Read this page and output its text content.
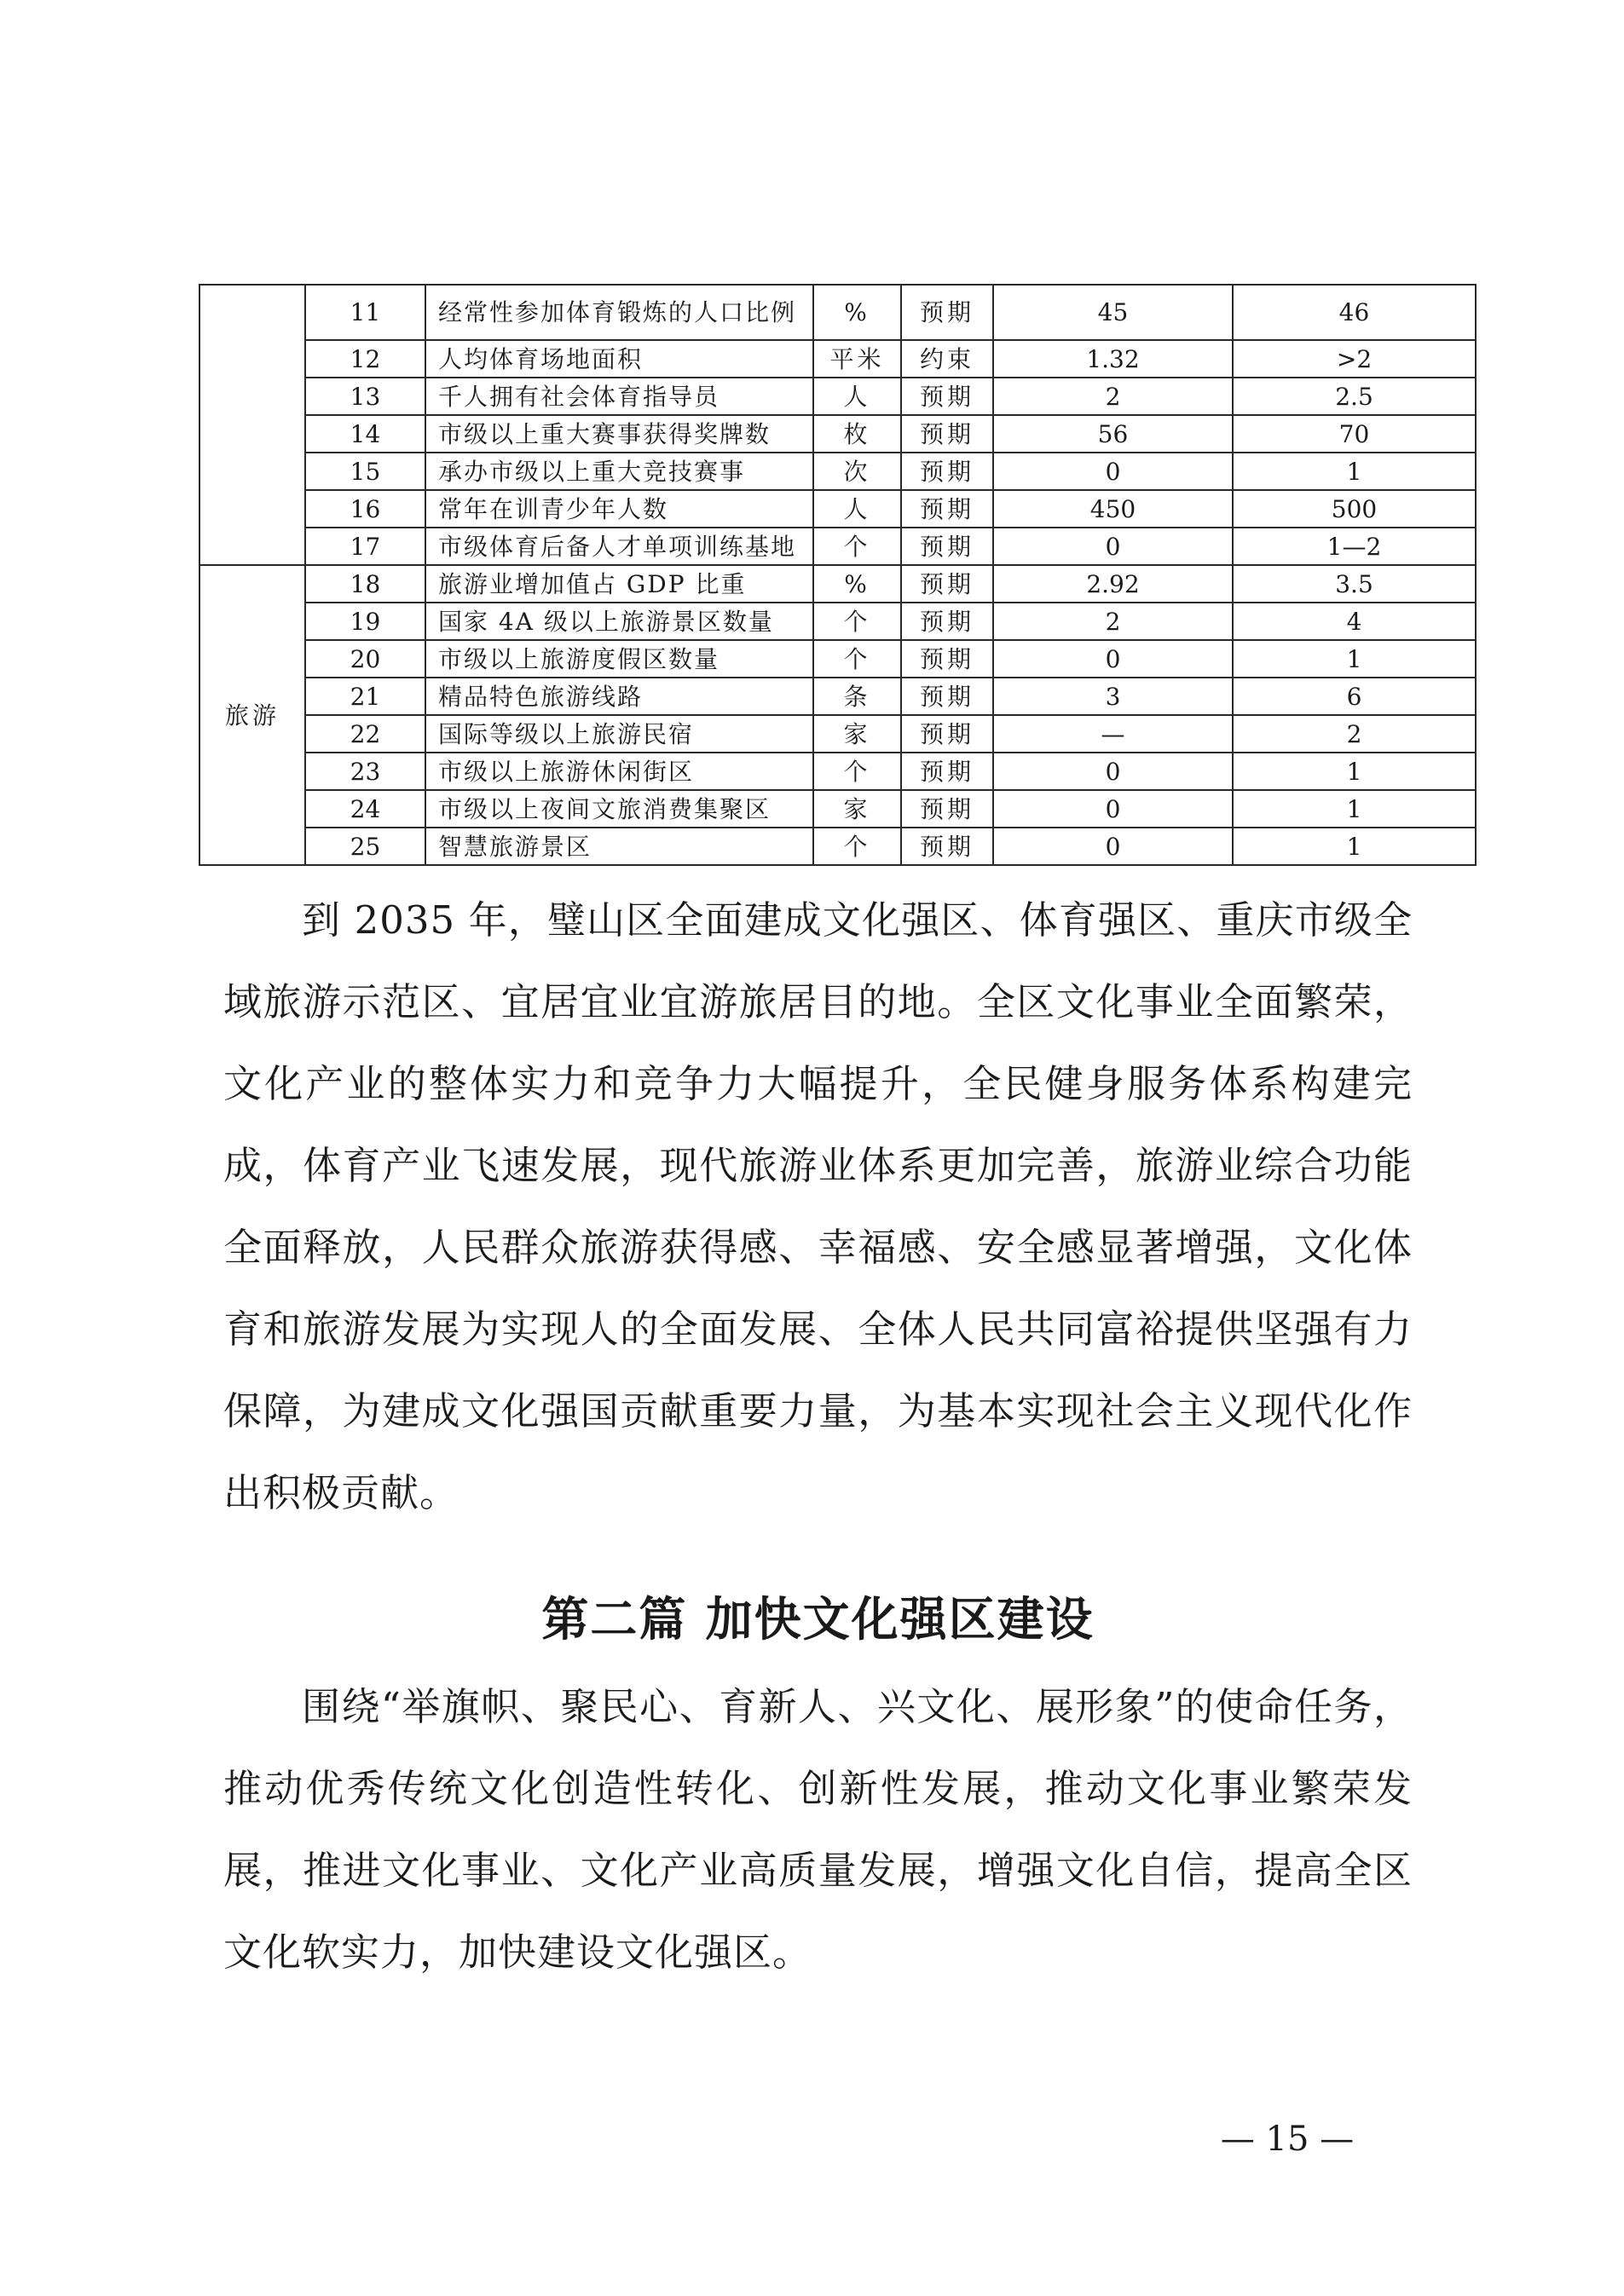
	11	经常性参加体育锻炼的人口比例	%	预期	45	46
	12	人均体育场地面积	平米	约束	1.32	>2
	13	千人拥有社会体育指导员	人	预期	2	2.5
	14	市级以上重大赛事获得奖牌数	枚	预期	56	70
	15	承办市级以上重大竞技赛事	次	预期	0	1
	16	常年在训青少年人数	人	预期	450	500
	17	市级体育后备人才单项训练基地	个	预期	0	1—2
旅游	18	旅游业增加值占 GDP 比重	%	预期	2.92	3.5
	19	国家 4A 级以上旅游景区数量	个	预期	2	4
	20	市级以上旅游度假区数量	个	预期	0	1
	21	精品特色旅游线路	条	预期	3	6
	22	国际等级以上旅游民宿	家	预期	—	2
	23	市级以上旅游休闲街区	个	预期	0	1
	24	市级以上夜间文旅消费集聚区	家	预期	0	1
	25	智慧旅游景区	个	预期	0	1

到 2035 年，璧山区全面建成文化强区、体育强区、重庆市级全域旅游示范区、宜居宜业宜游旅居目的地。全区文化事业全面繁荣，文化产业的整体实力和竞争力大幅提升，全民健身服务体系构建完成，体育产业飞速发展，现代旅游业体系更加完善，旅游业综合功能全面释放，人民群众旅游获得感、幸福感、安全感显著增强，文化体育和旅游发展为实现人的全面发展、全体人民共同富裕提供坚强有力保障，为建成文化强国贡献重要力量，为基本实现社会主义现代化作出积极贡献。

第二篇 加快文化强区建设

围绕“举旗帜、聚民心、育新人、兴文化、展形象”的使命任务，推动优秀传统文化创造性转化、创新性发展，推动文化事业繁荣发展，推进文化事业、文化产业高质量发展，增强文化自信，提高全区文化软实力，加快建设文化强区。

— 15 —
